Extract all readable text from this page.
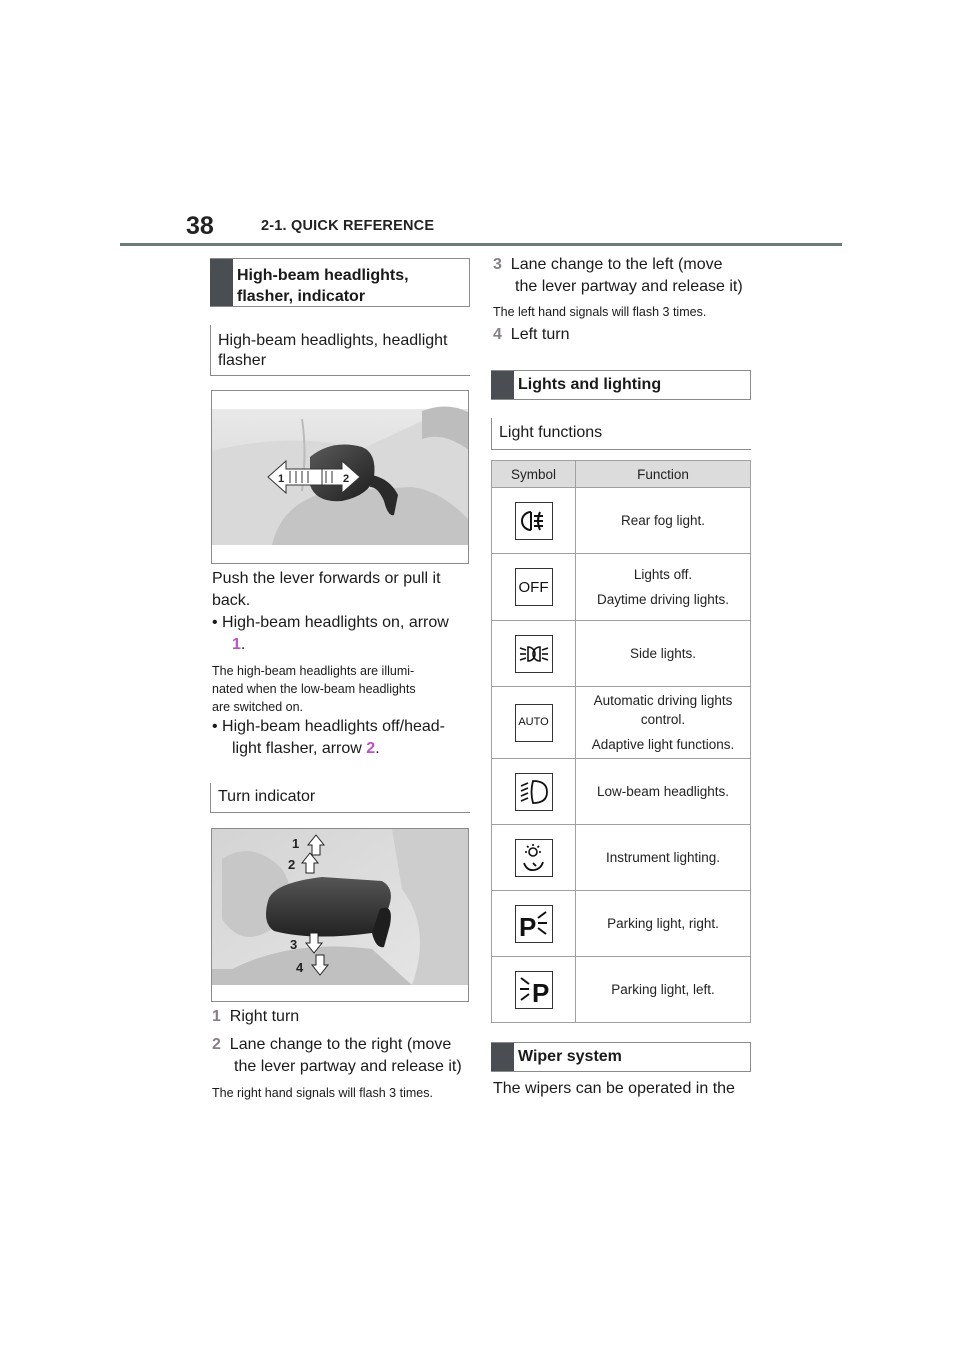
38	2-1. QUICK REFERENCE
High-beam headlights,
flasher, indicator
High-beam headlights, headlight
flasher
1	2
Push the lever forwards or pull it
back.
• High-beam headlights on, arrow
1.
The high-beam headlights are illumi-
nated when the low-beam headlights
are switched on.
• High-beam headlights off/head-
light flasher, arrow 2.
Turn indicator
1
2
3
4
1 Right turn
2 Lane change to the right (move
the lever partway and release it)
The right hand signals will flash 3 times.
3 Lane change to the left (move
the lever partway and release it)
The left hand signals will flash 3 times.
4 Left turn
Lights and lighting
Light functions
Symbol	Function

Rear fog light.

OFF	Lights off.
Daytime driving lights.

Side lights.

AUTO	Automatic driving lights
control.
Adaptive light functions.

Low-beam headlights.

Instrument lighting.

P	Parking light, right.

P	Parking light, left.
Wiper system
The wipers can be operated in the
